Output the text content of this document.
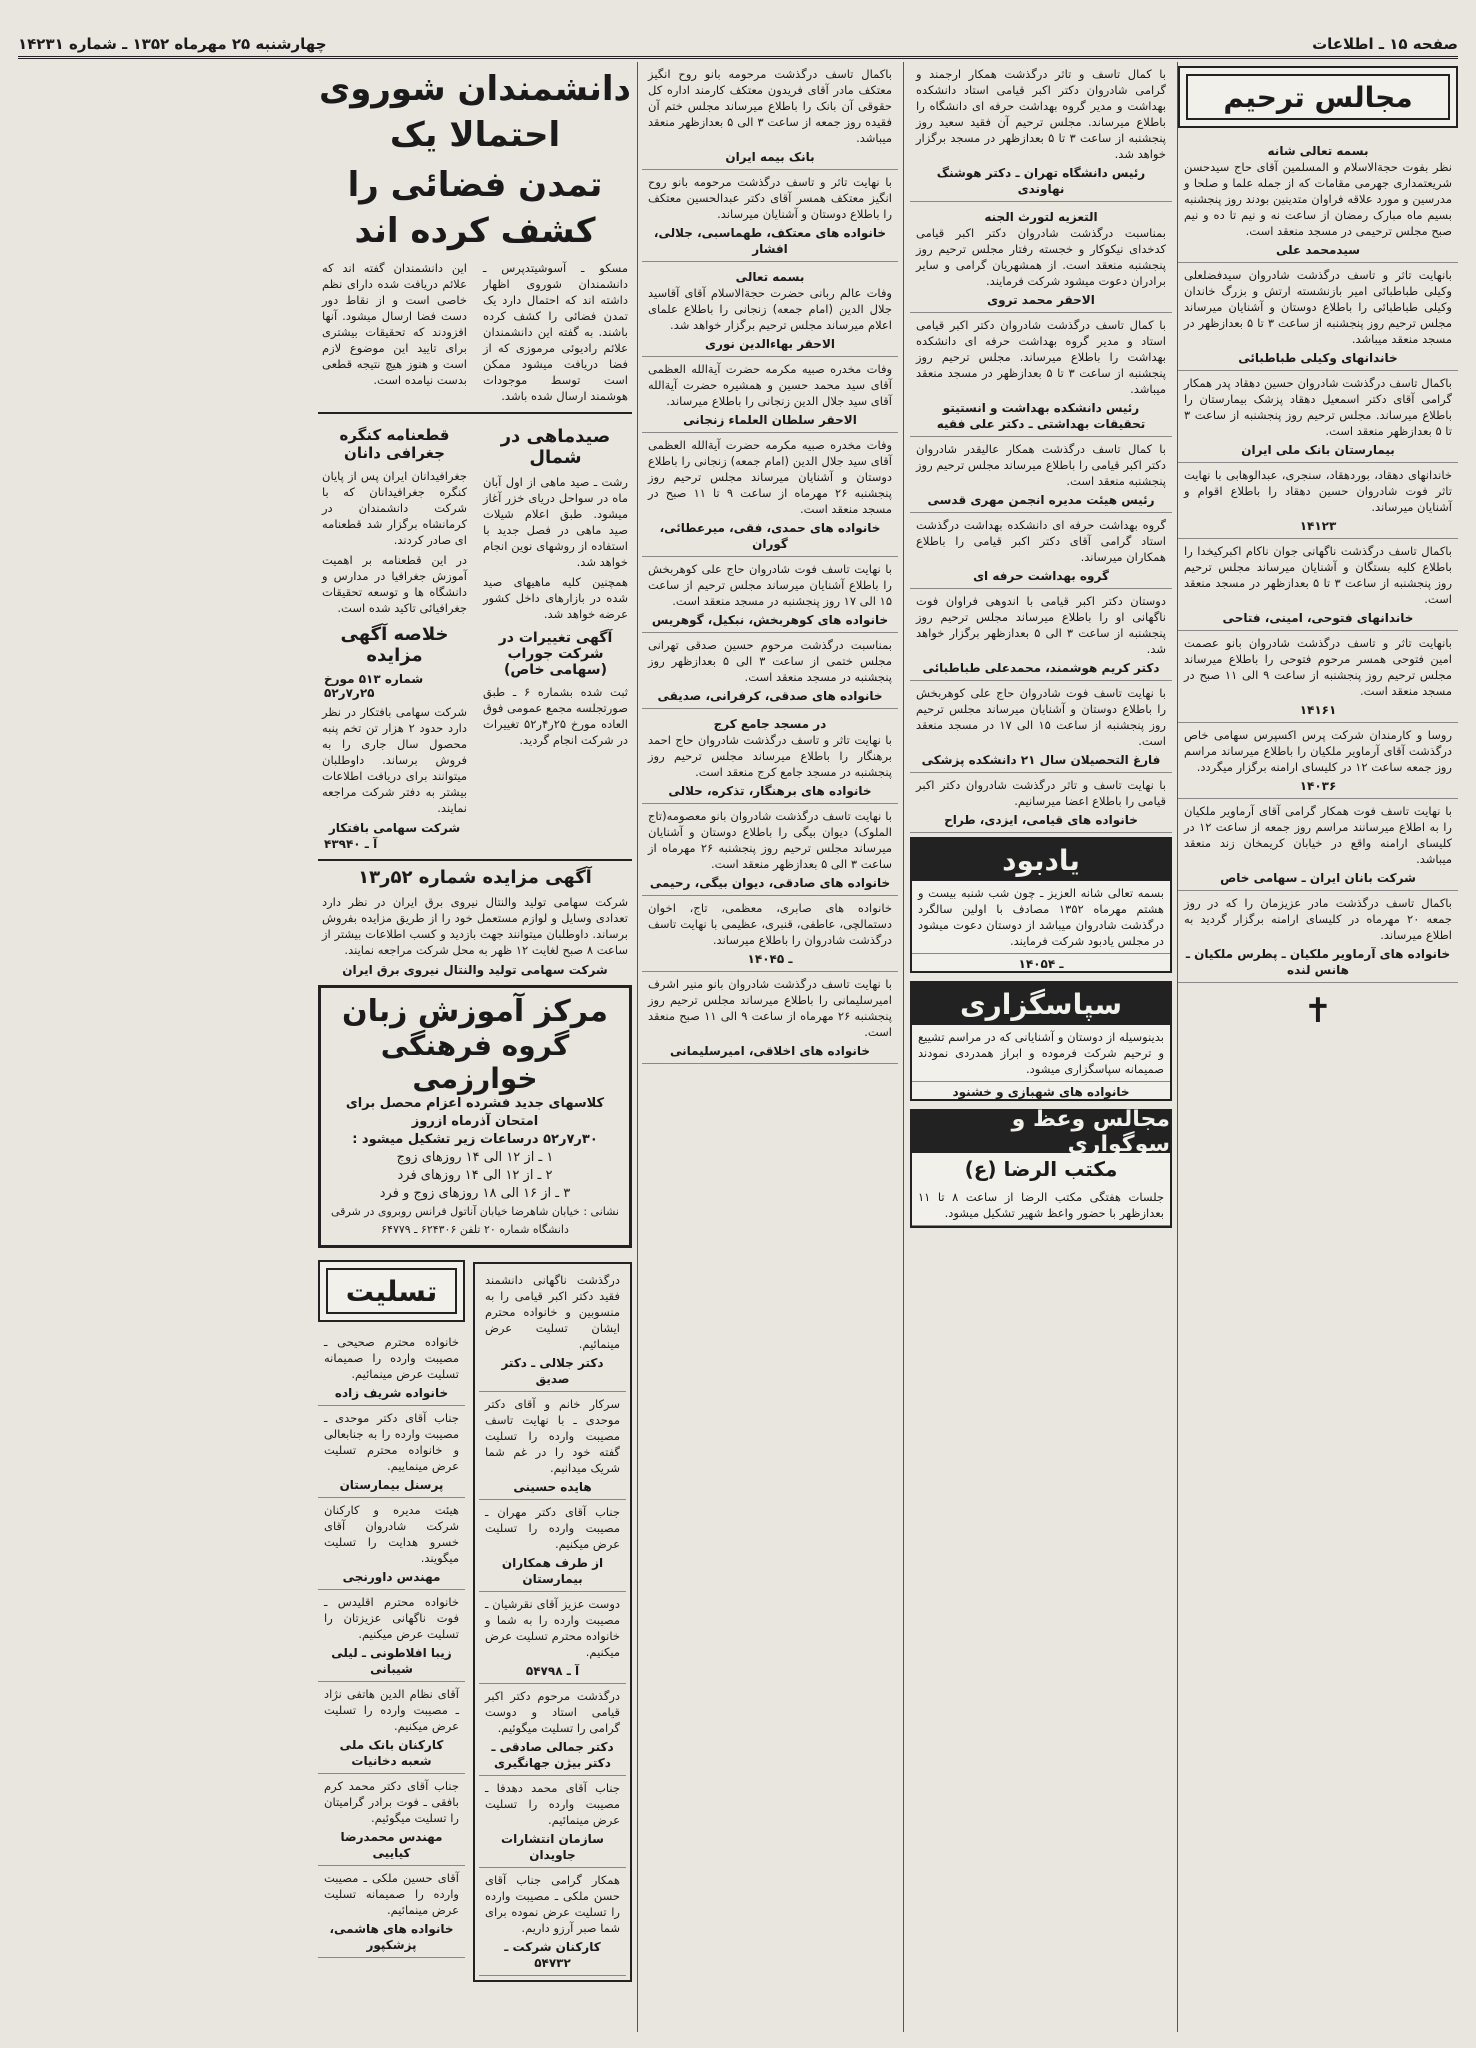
صفحه ۱۵ ـ اطلاعات
چهارشنبه ۲۵ مهرماه ۱۳۵۲ ـ شماره ۱۴۲۳۱
مجالس ترحیم
بسمه تعالی شانه
نظر بفوت حجةالاسلام و المسلمین آقای حاج سیدحسن شریعتمداری جهرمی مقامات که از جمله علما و صلحا و مدرسین و مورد علاقه فراوان متدینین بودند روز پنجشنبه بسیم ماه مبارک رمضان از ساعت نه و نیم تا ده و نیم صبح مجلس ترحیمی در مسجد منعقد است.
سیدمحمد علی
بانهایت تاثر و تاسف درگذشت شادروان سیدفضلعلی وکیلی طباطبائی امیر بازنشسته ارتش و بزرگ خاندان وکیلی طباطبائی را باطلاع دوستان و آشنایان میرساند مجلس ترحیم روز پنجشنبه از ساعت ۳ تا ۵ بعدازظهر در مسجد منعقد میباشد.
خاندانهای وکیلی طباطبائی
باکمال تاسف درگذشت شادروان حسین دهقاد پدر همکار گرامی آقای دکتر اسمعیل دهقاد پزشک بیمارستان را باطلاع میرساند. مجلس ترحیم روز پنجشنبه از ساعت ۳ تا ۵ بعدازظهر منعقد است.
بیمارستان بانک ملی ایران
خاندانهای دهقاد، بوردهقاد، سنجری، عبدالوهابی با نهایت تاثر فوت شادروان حسین دهقاد را باطلاع اقوام و آشنایان میرساند.
۱۴۱۲۳
باکمال تاسف درگذشت ناگهانی جوان ناکام اکبرکیخدا را باطلاع کلیه بستگان و آشنایان میرساند مجلس ترحیم روز پنجشنبه از ساعت ۳ تا ۵ بعدازظهر در مسجد منعقد است.
خاندانهای فتوحی، امینی، فتاحی
بانهایت تاثر و تاسف درگذشت شادروان بانو عصمت امین فتوحی همسر مرحوم فتوحی را باطلاع میرساند مجلس ترحیم روز پنجشنبه از ساعت ۹ الی ۱۱ صبح در مسجد منعقد است.
۱۴۱۶۱
روسا و کارمندان شرکت پرس اکسپرس سهامی خاص درگذشت آقای آرماویر ملکیان را باطلاع میرساند مراسم روز جمعه ساعت ۱۲ در کلیسای ارامنه برگزار میگردد.
۱۴۰۳۶
با نهایت تاسف فوت همکار گرامی آقای آرماویر ملکیان را به اطلاع میرسانند مراسم روز جمعه از ساعت ۱۲ در کلیسای ارامنه واقع در خیابان کریمخان زند منعقد میباشد.
شرکت بانان ایران ـ سهامی خاص
باکمال تاسف درگذشت مادر عزیزمان را که در روز جمعه ۲۰ مهرماه در کلیسای ارامنه برگزار گردید به اطلاع میرساند.
خانواده های آرماویر ملکیان ـ پطرس ملکیان ـ هانس لنده
✝
با کمال تاسف و تاثر درگذشت همکار ارجمند و گرامی شادروان دکتر اکبر قیامی استاد دانشکده بهداشت و مدیر گروه بهداشت حرفه ای دانشگاه را باطلاع میرساند. مجلس ترحیم آن فقید سعید روز پنجشنبه از ساعت ۳ تا ۵ بعدازظهر در مسجد برگزار خواهد شد.
رئیس دانشگاه تهران ـ دکتر هوشنگ نهاوندی
التعزیه لتورث الجنه
بمناسبت درگذشت شادروان دکتر اکبر قیامی کدخدای نیکوکار و خجسته رفتار مجلس ترحیم روز پنجشنبه منعقد است. از همشهریان گرامی و سایر برادران دعوت میشود شرکت فرمایند.
الاحقر محمد تروی
با کمال تاسف درگذشت شادروان دکتر اکبر قیامی استاد و مدیر گروه بهداشت حرفه ای دانشکده بهداشت را باطلاع میرساند. مجلس ترحیم روز پنجشنبه از ساعت ۳ تا ۵ بعدازظهر در مسجد منعقد میباشد.
رئیس دانشکده بهداشت و انستیتو تحقیقات بهداشتی ـ دکتر علی فقیه
با کمال تاسف درگذشت همکار عالیقدر شادروان دکتر اکبر قیامی را باطلاع میرساند مجلس ترحیم روز پنجشنبه منعقد است.
رئیس هیئت مدیره انجمن مهری قدسی
گروه بهداشت حرفه ای دانشکده بهداشت درگذشت استاد گرامی آقای دکتر اکبر قیامی را باطلاع همکاران میرساند.
گروه بهداشت حرفه ای
دوستان دکتر اکبر قیامی با اندوهی فراوان فوت ناگهانی او را باطلاع میرساند مجلس ترحیم روز پنجشنبه از ساعت ۳ الی ۵ بعدازظهر برگزار خواهد شد.
دکتر کریم هوشمند، محمدعلی طباطبائی
با نهایت تاسف فوت شادروان حاج علی کوهربخش را باطلاع دوستان و آشنایان میرساند مجلس ترحیم روز پنجشنبه از ساعت ۱۵ الی ۱۷ در مسجد منعقد است.
فارغ التحصیلان سال ۲۱ دانشکده پزشکی
با نهایت تاسف و تاثر درگذشت شادروان دکتر اکبر قیامی را باطلاع اعضا میرسانیم.
خانواده های قیامی، ایزدی، طراح
یادبود
بسمه تعالی شانه العزیز ـ چون شب شنبه بیست و هشتم مهرماه ۱۳۵۲ مصادف با اولین سالگرد درگذشت شادروان میباشد از دوستان دعوت میشود در مجلس یادبود شرکت فرمایند.
ـ ۱۴۰۵۴
سپاسگزاری
بدینوسیله از دوستان و آشنایانی که در مراسم تشییع و ترحیم شرکت فرموده و ابراز همدردی نمودند صمیمانه سپاسگزاری میشود.
خانواده های شهبازی و خشنود
مجالس وعظ و سوگواری
مکتب الرضا (ع)
جلسات هفتگی مکتب الرضا از ساعت ۸ تا ۱۱ بعدازظهر با حضور واعظ شهیر تشکیل میشود.
باکمال تاسف درگذشت مرحومه بانو روح انگیز معتکف مادر آقای فریدون معتکف کارمند اداره کل حقوقی آن بانک را باطلاع میرساند مجلس ختم آن فقیده روز جمعه از ساعت ۳ الی ۵ بعدازظهر منعقد میباشد.
بانک بیمه ایران
با نهایت تاثر و تاسف درگذشت مرحومه بانو روح انگیز معتکف همسر آقای دکتر عبدالحسین معتکف را باطلاع دوستان و آشنایان میرساند.
خانواده های معتکف، طهماسبی، جلالی، افشار
بسمه تعالی
وفات عالم ربانی حضرت حجةالاسلام آقای آقاسید جلال الدین (امام جمعه) زنجانی را باطلاع علمای اعلام میرساند مجلس ترحیم برگزار خواهد شد.
الاحقر بهاءالدین نوری
وفات مخدره صبیه مکرمه حضرت آیةالله العظمی آقای سید محمد حسین و همشیره حضرت آیةالله آقای سید جلال الدین زنجانی را باطلاع میرساند.
الاحقر سلطان العلماء زنجانی
وفات مخدره صبیه مکرمه حضرت آیةالله العظمی آقای سید جلال الدین (امام جمعه) زنجانی را باطلاع دوستان و آشنایان میرساند مجلس ترحیم روز پنجشنبه ۲۶ مهرماه از ساعت ۹ تا ۱۱ صبح در مسجد منعقد است.
خانواده های حمدی، فقی، میرعطائی، گوران
با نهایت تاسف فوت شادروان حاج علی کوهربخش را باطلاع آشنایان میرساند مجلس ترحیم از ساعت ۱۵ الی ۱۷ روز پنجشنبه در مسجد منعقد است.
خانواده های کوهربخش، نبکیل، گوهریس
بمناسبت درگذشت مرحوم حسین صدقی تهرانی مجلس ختمی از ساعت ۳ الی ۵ بعدازظهر روز پنجشنبه در مسجد منعقد است.
خانواده های صدقی، کرفرانی، صدیقی
در مسجد جامع کرج
با نهایت تاثر و تاسف درگذشت شادروان حاج احمد برهنگار را باطلاع میرساند مجلس ترحیم روز پنجشنبه در مسجد جامع کرج منعقد است.
خانواده های برهنگار، تذکره، حلالی
با نهایت تاسف درگذشت شادروان بانو معصومه(تاج الملوک) دیوان بیگی را باطلاع دوستان و آشنایان میرساند مجلس ترحیم روز پنجشنبه ۲۶ مهرماه از ساعت ۳ الی ۵ بعدازظهر منعقد است.
خانواده های صادقی، دیوان بیگی، رحیمی
خانواده های صابری، معظمی، تاج، اخوان دستمالچی، عاطفی، قنبری، عظیمی با نهایت تاسف درگذشت شادروان را باطلاع میرساند.
ـ ۱۴۰۴۵
با نهایت تاسف درگذشت شادروان بانو منیر اشرف امیرسلیمانی را باطلاع میرساند مجلس ترحیم روز پنجشنبه ۲۶ مهرماه از ساعت ۹ الی ۱۱ صبح منعقد است.
خانواده های اخلاقی، امیرسلیمانی
دانشمندان شوروی احتمالا یک
تمدن فضائی را کشف کرده اند
مسکو ـ آسوشیتدپرس ـ دانشمندان شوروی اظهار داشته اند که احتمال دارد یک تمدن فضائی را کشف کرده باشند. به گفته این دانشمندان علائم رادیوئی مرموزی که از فضا دریافت میشود ممکن است توسط موجودات هوشمند ارسال شده باشد.
این دانشمندان گفته اند که علائم دریافت شده دارای نظم خاصی است و از نقاط دور دست فضا ارسال میشود. آنها افزودند که تحقیقات بیشتری برای تایید این موضوع لازم است و هنوز هیچ نتیجه قطعی بدست نیامده است.
صیدماهی در شمال
رشت ـ صید ماهی از اول آبان ماه در سواحل دریای خزر آغاز میشود. طبق اعلام شیلات صید ماهی در فصل جدید با استفاده از روشهای نوین انجام خواهد شد.
همچنین کلیه ماهیهای صید شده در بازارهای داخل کشور عرضه خواهد شد.
آگهی تغییرات در شرکت جوراب (سهامی خاص)
ثبت شده بشماره ۶ ـ طبق صورتجلسه مجمع عمومی فوق العاده مورخ ۲۵ر۴ر۵۲ تغییرات در شرکت انجام گردید.
قطعنامه کنگره جغرافی دانان
جغرافیدانان ایران پس از پایان کنگره جغرافیدانان که با شرکت دانشمندان در کرمانشاه برگزار شد قطعنامه ای صادر کردند.
در این قطعنامه بر اهمیت آموزش جغرافیا در مدارس و دانشگاه ها و توسعه تحقیقات جغرافیائی تاکید شده است.
خلاصه آگهی مزایده
شماره ۵۱۳ مورخ ۲۵ر۷ر۵۲
شرکت سهامی بافتکار در نظر دارد حدود ۲ هزار تن تخم پنبه محصول سال جاری را به فروش برساند. داوطلبان میتوانند برای دریافت اطلاعات بیشتر به دفتر شرکت مراجعه نمایند.
شرکت سهامی بافتکار
آ ـ ۴۳۹۴۰
آگهی مزایده شماره ۵۲ر۱۳
شرکت سهامی تولید والنتال نیروی برق ایران در نظر دارد تعدادی وسایل و لوازم مستعمل خود را از طریق مزایده بفروش برساند. داوطلبان میتوانند جهت بازدید و کسب اطلاعات بیشتر از ساعت ۸ صبح لغایت ۱۲ ظهر به محل شرکت مراجعه نمایند.
شرکت سهامی تولید والنتال نیروی برق ایران
مرکز آموزش زبان
گروه فرهنگی خوارزمی
کلاسهای جدید فشرده اعزام محصل برای امتحان آذرماه ازروز
۳۰ر۷ر۵۲ درساعات زیر تشکیل میشود :
۱ ـ از ۱۲ الی ۱۴ روزهای زوج
۲ ـ از ۱۲ الی ۱۴ روزهای فرد
۳ ـ از ۱۶ الی ۱۸ روزهای زوج و فرد
نشانی : خیابان شاهرضا خیابان آناتول فرانس روبروی در شرقی دانشگاه شماره ۲۰ تلفن ۶۲۴۳۰۶ ـ ۶۴۷۷۹
درگذشت ناگهانی دانشمند فقید دکتر اکبر قیامی را به منسوبین و خانواده محترم ایشان تسلیت عرض مینمائیم.
دکتر جلالی ـ دکتر صدیق
سرکار خانم و آقای دکتر موحدی ـ با نهایت تاسف مصیبت وارده را تسلیت گفته خود را در غم شما شریک میدانیم.
هایده حسینی
جناب آقای دکتر مهران ـ مصیبت وارده را تسلیت عرض میکنیم.
از طرف همکاران بیمارستان
دوست عزیز آقای نقرشیان ـ مصیبت وارده را به شما و خانواده محترم تسلیت عرض میکنیم.
آ ـ ۵۴۷۹۸
درگذشت مرحوم دکتر اکبر قیامی استاد و دوست گرامی را تسلیت میگوئیم.
دکتر جمالی صادقی ـ دکتر بیژن جهانگیری
جناب آقای محمد دهدفا ـ مصیبت وارده را تسلیت عرض مینمائیم.
سازمان انتشارات جاویدان
همکار گرامی جناب آقای حسن ملکی ـ مصیبت وارده را تسلیت عرض نموده برای شما صبر آرزو داریم.
کارکنان شرکت ـ ۵۴۷۳۲
تسلیت
خانواده محترم صحیحی ـ مصیبت وارده را صمیمانه تسلیت عرض مینمائیم.
خانواده شریف زاده
جناب آقای دکتر موحدی ـ مصیبت وارده را به جنابعالی و خانواده محترم تسلیت عرض مینماییم.
پرسنل بیمارستان
هیئت مدیره و کارکنان شرکت شادروان آقای خسرو هدایت را تسلیت میگویند.
مهندس داورنجی
خانواده محترم اقلیدس ـ فوت ناگهانی عزیزتان را تسلیت عرض میکنیم.
زیبا افلاطونی ـ لیلی شیبانی
آقای نظام الدین هاتفی نژاد ـ مصیبت وارده را تسلیت عرض میکنیم.
کارکنان بانک ملی شعبه دخانیات
جناب آقای دکتر محمد کرم بافقی ـ فوت برادر گرامیتان را تسلیت میگوئیم.
مهندس محمدرضا کیاییی
آقای حسین ملکی ـ مصیبت وارده را صمیمانه تسلیت عرض مینمائیم.
خانواده های هاشمی، پزشکپور
